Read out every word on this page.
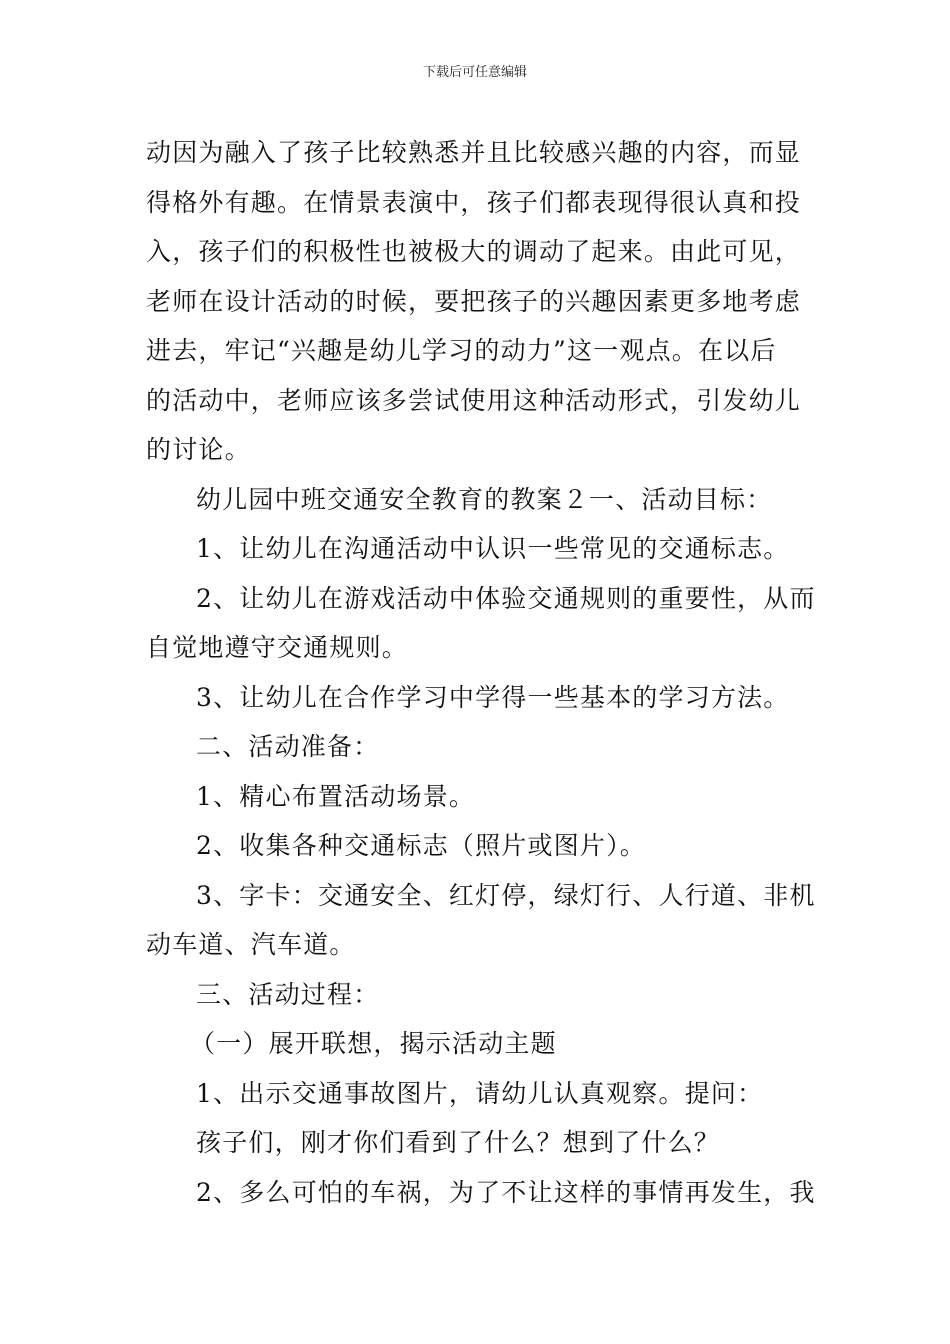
下载后可任意编辑

动因为融入了孩子比较熟悉并且比较感兴趣的内容，而显

得格外有趣。在情景表演中，孩子们都表现得很认真和投

入，孩子们的积极性也被极大的调动了起来。由此可见，

老师在设计活动的时候，要把孩子的兴趣因素更多地考虑

进去，牢记“兴趣是幼儿学习的动力”这一观点。在以后

的活动中，老师应该多尝试使用这种活动形式，引发幼儿

的讨论。

幼儿园中班交通安全教育的教案２一、活动目标：

1、让幼儿在沟通活动中认识一些常见的交通标志。

2、让幼儿在游戏活动中体验交通规则的重要性，从而

自觉地遵守交通规则。

3、让幼儿在合作学习中学得一些基本的学习方法。

二、活动准备：

1、精心布置活动场景。

2、收集各种交通标志（照片或图片）。

3、字卡：交通安全、红灯停，绿灯行、人行道、非机

动车道、汽车道。

三、活动过程：

（一）展开联想，揭示活动主题

1、出示交通事故图片，请幼儿认真观察。提问：

孩子们，刚才你们看到了什么？想到了什么？

2、多么可怕的车祸，为了不让这样的事情再发生，我
